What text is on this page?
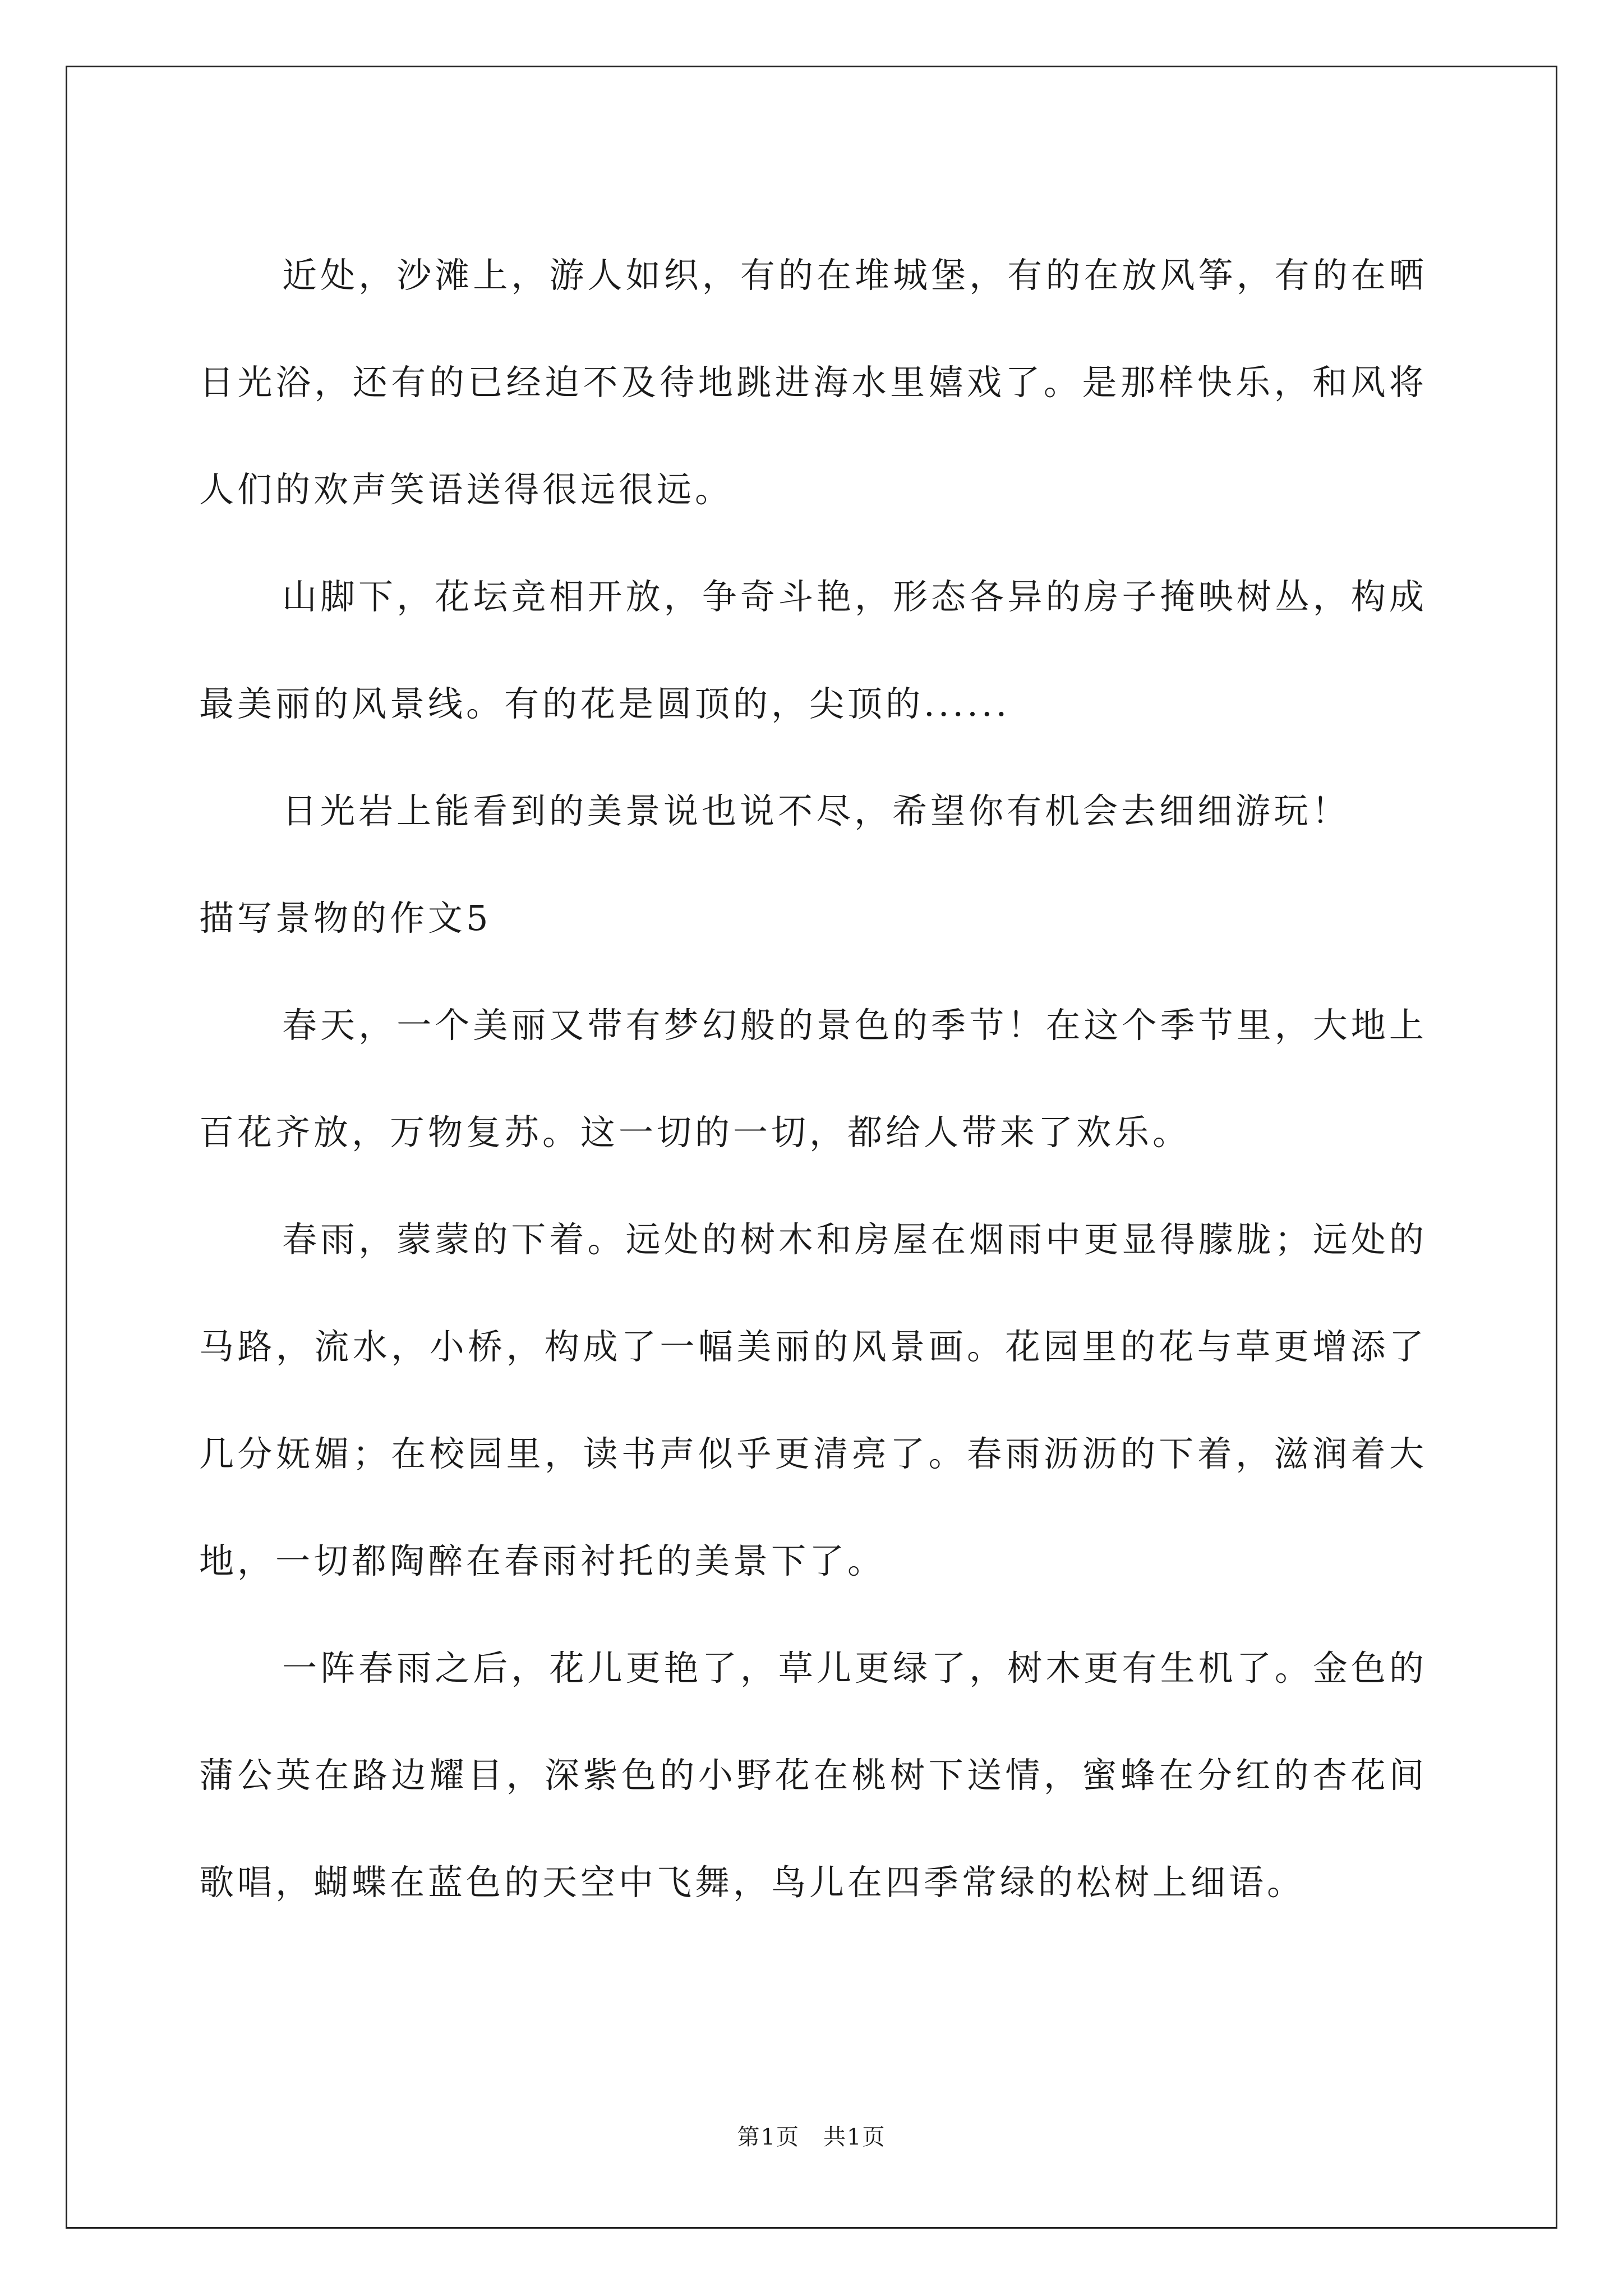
近处，沙滩上，游人如织，有的在堆城堡，有的在放风筝，有的在晒日光浴，还有的已经迫不及待地跳进海水里嬉戏了。是那样快乐，和风将人们的欢声笑语送得很远很远。

山脚下，花坛竞相开放，争奇斗艳，形态各异的房子掩映树丛，构成最美丽的风景线。有的花是圆顶的，尖顶的......

日光岩上能看到的美景说也说不尽，希望你有机会去细细游玩！

描写景物的作文5

春天，一个美丽又带有梦幻般的景色的季节！在这个季节里，大地上百花齐放，万物复苏。这一切的一切，都给人带来了欢乐。

春雨，蒙蒙的下着。远处的树木和房屋在烟雨中更显得朦胧；远处的马路，流水，小桥，构成了一幅美丽的风景画。花园里的花与草更增添了几分妩媚；在校园里，读书声似乎更清亮了。春雨沥沥的下着，滋润着大地，一切都陶醉在春雨衬托的美景下了。

一阵春雨之后，花儿更艳了，草儿更绿了，树木更有生机了。金色的蒲公英在路边耀目，深紫色的小野花在桃树下送情，蜜蜂在分红的杏花间歌唱，蝴蝶在蓝色的天空中飞舞，鸟儿在四季常绿的松树上细语。

第1页　共1页
